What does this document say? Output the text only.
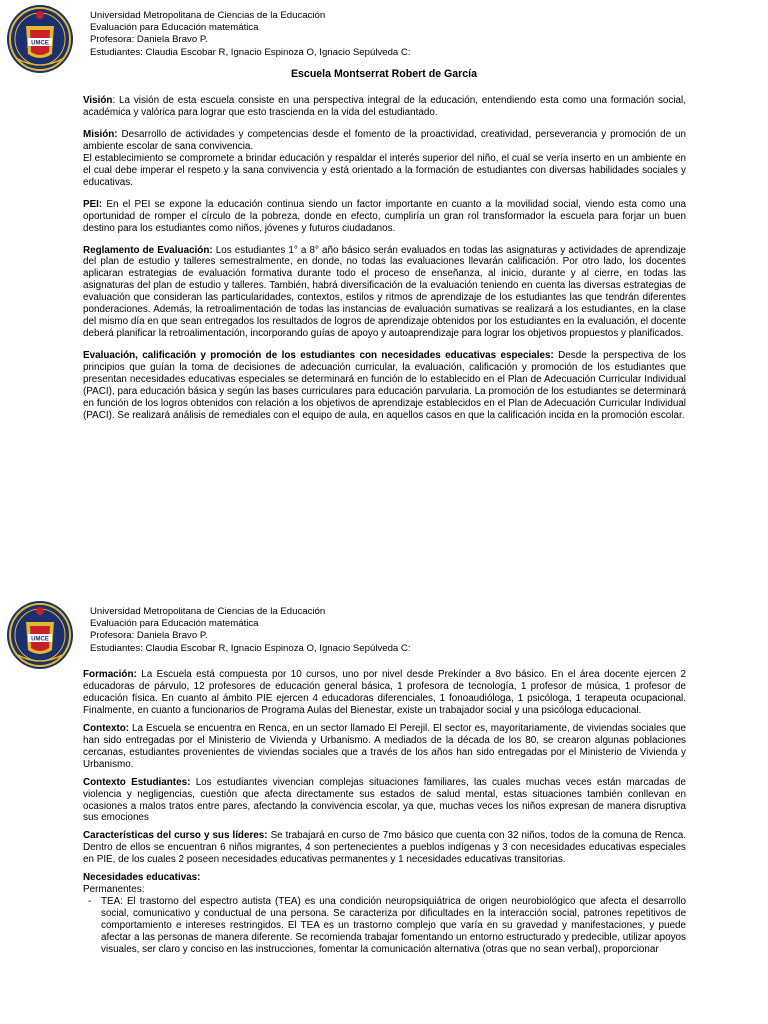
UMCE
Universidad Metropolitana de Ciencias de la Educación
Evaluación para Educación matemática
Profesora: Daniela Bravo P.
Estudiantes: Claudia Escobar R, Ignacio Espinoza O, Ignacio Sepúlveda C:
Escuela Montserrat Robert de García

Visión: La visión de esta escuela consiste en una perspectiva integral de la educación, entendiendo esta como una formación social, académica y valórica para lograr que esto trascienda en la vida del estudiantado.

Misión: Desarrollo de actividades y competencias desde el fomento de la proactividad, creatividad, perseverancia y promoción de un ambiente escolar de sana convivencia.

El establecimiento se compromete a brindar educación y respaldar el interés superior del niño, el cual se vería inserto en un ambiente en el cual debe imperar el respeto y la sana convivencia y está orientado a la formación de estudiantes con diversas habilidades sociales y educativas.

PEI: En el PEI se expone la educación continua siendo un factor importante en cuanto a la movilidad social, viendo esta como una oportunidad de romper el círculo de la pobreza, donde en efecto, cumpliría un gran rol transformador la escuela para forjar un buen destino para los estudiantes como niños, jóvenes y futuros ciudadanos.

Reglamento de Evaluación: Los estudiantes 1° a 8° año básico serán evaluados en todas las asignaturas y actividades de aprendizaje del plan de estudio y talleres semestralmente, en donde, no todas las evaluaciones llevarán calificación. Por otro lado, los docentes aplicaran estrategias de evaluación formativa durante todo el proceso de enseñanza, al inicio, durante y al cierre, en todas las asignaturas del plan de estudio y talleres. También, habrá diversificación de la evaluación teniendo en cuenta las diversas estrategias de evaluación que consideran las particularidades, contextos, estilos y ritmos de aprendizaje de los estudiantes las que tendrán diferentes ponderaciones. Además, la retroalimentación de todas las instancias de evaluación sumativas se realizará a los estudiantes, en la clase del mismo día en que sean entregados los resultados de logros de aprendizaje obtenidos por los estudiantes en la evaluación, el docente deberá planificar la retroalimentación, incorporando guías de apoyo y autoaprendizaje para lograr los objetivos propuestos y planificados.

Evaluación, calificación y promoción de los estudiantes con necesidades educativas especiales: Desde la perspectiva de los principios que guían la toma de decisiones de adecuación curricular, la evaluación, calificación y promoción de los estudiantes que presentan necesidades educativas especiales se determinará en función de lo establecido en el Plan de Adecuación Curricular Individual (PACI), para educación básica y según las bases curriculares para educación parvularia. La promoción de los estudiantes se determinará en función de los logros obtenidos con relación a los objetivos de aprendizaje establecidos en el Plan de Adecuación Curricular Individual (PACI). Se realizará análisis de remediales con el equipo de aula, en aquellos casos en que la calificación incida en la promoción escolar.

UMCE
Universidad Metropolitana de Ciencias de la Educación
Evaluación para Educación matemática
Profesora: Daniela Bravo P.
Estudiantes: Claudia Escobar R, Ignacio Espinoza O, Ignacio Sepúlveda C:

Formación: La Escuela está compuesta por 10 cursos, uno por nivel desde Prekínder a 8vo básico. En el área docente ejercen 2 educadoras de párvulo, 12 profesores de educación general básica, 1 profesora de tecnología, 1 profesor de música, 1 profesor de educación física. En cuanto al ámbito PIE ejercen 4 educadoras diferenciales, 1 fonoaudióloga, 1 psicóloga, 1 terapeuta ocupacional. Finalmente, en cuanto a funcionarios de Programa Aulas del Bienestar, existe un trabajador social y una psicóloga educacional.

Contexto: La Escuela se encuentra en Renca, en un sector llamado El Perejil. El sector es, mayoritariamente, de viviendas sociales que han sido entregadas por el Ministerio de Vivienda y Urbanismo. A mediados de la década de los 80, se crearon algunas poblaciones cercanas, estudiantes provenientes de viviendas sociales que a través de los años han sido entregadas por el Ministerio de Vivienda y Urbanismo.

Contexto Estudiantes: Los estudiantes vivencian complejas situaciones familiares, las cuales muchas veces están marcadas de violencia y negligencias, cuestión que afecta directamente sus estados de salud mental, estas situaciones también conllevan en ocasiones a malos tratos entre pares, afectando la convivencia escolar, ya que, muchas veces los niños expresan de manera disruptiva sus emociones

Características del curso y sus líderes: Se trabajará en curso de 7mo básico que cuenta con 32 niños, todos de la comuna de Renca. Dentro de ellos se encuentran 6 niños migrantes, 4 son pertenecientes a pueblos indígenas y 3 con necesidades educativas especiales en PIE, de los cuales 2 poseen necesidades educativas permanentes y 1 necesidades educativas transitorias.

Necesidades educativas:

Permanentes:

- TEA: El trastorno del espectro autista (TEA) es una condición neuropsiquiátrica de origen neurobiológico que afecta el desarrollo social, comunicativo y conductual de una persona. Se caracteriza por dificultades en la interacción social, patrones repetitivos de comportamiento e intereses restringidos. El TEA es un trastorno complejo que varía en su gravedad y manifestaciones, y puede afectar a las personas de manera diferente. Se recomienda trabajar fomentando un entorno estructurado y predecible, utilizar apoyos visuales, ser claro y conciso en las instrucciones, fomentar la comunicación alternativa (otras que no sean verbal), proporcionar
